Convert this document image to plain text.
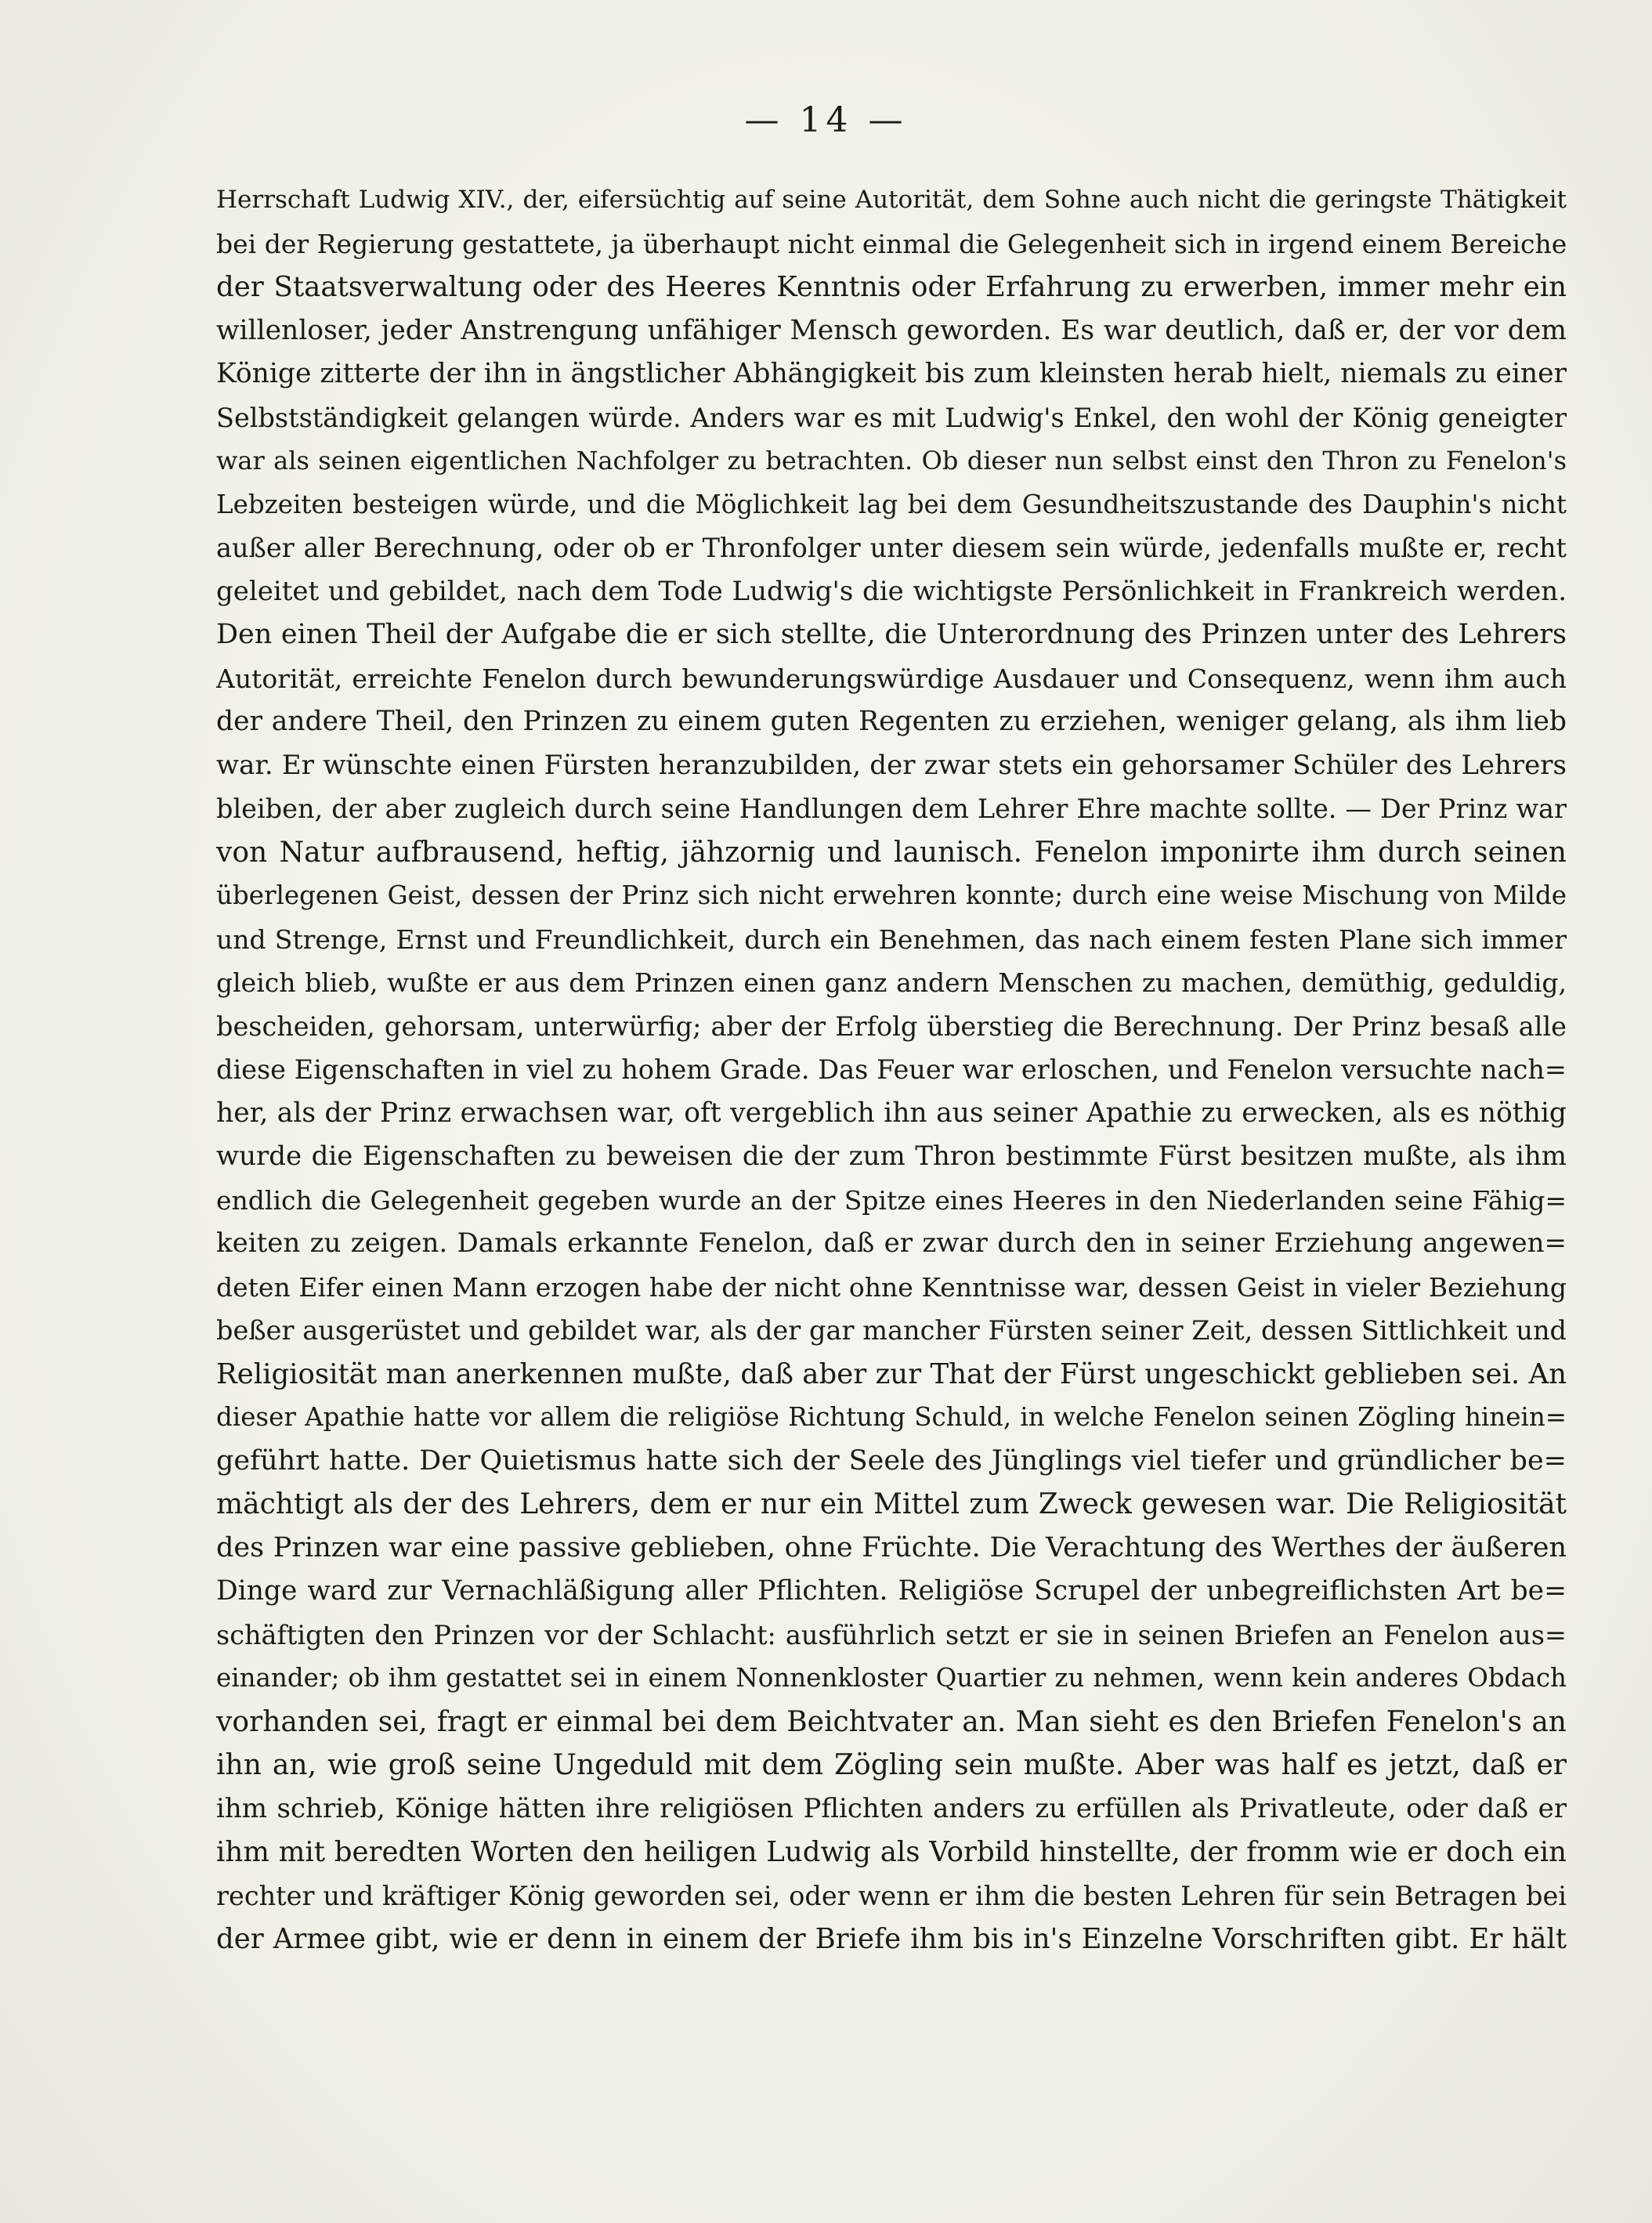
— 14 —
Herrschaft Ludwig XIV., der, eifersüchtig auf seine Autorität, dem Sohne auch nicht die geringste Thätigkeit
bei der Regierung gestattete, ja überhaupt nicht einmal die Gelegenheit sich in irgend einem Bereiche
der Staatsverwaltung oder des Heeres Kenntnis oder Erfahrung zu erwerben, immer mehr ein
willenloser, jeder Anstrengung unfähiger Mensch geworden. Es war deutlich, daß er, der vor dem
Könige zitterte der ihn in ängstlicher Abhängigkeit bis zum kleinsten herab hielt, niemals zu einer
Selbstständigkeit gelangen würde. Anders war es mit Ludwig's Enkel, den wohl der König geneigter
war als seinen eigentlichen Nachfolger zu betrachten. Ob dieser nun selbst einst den Thron zu Fenelon's
Lebzeiten besteigen würde, und die Möglichkeit lag bei dem Gesundheitszustande des Dauphin's nicht
außer aller Berechnung, oder ob er Thronfolger unter diesem sein würde, jedenfalls mußte er, recht
geleitet und gebildet, nach dem Tode Ludwig's die wichtigste Persönlichkeit in Frankreich werden.
Den einen Theil der Aufgabe die er sich stellte, die Unterordnung des Prinzen unter des Lehrers
Autorität, erreichte Fenelon durch bewunderungswürdige Ausdauer und Consequenz, wenn ihm auch
der andere Theil, den Prinzen zu einem guten Regenten zu erziehen, weniger gelang, als ihm lieb
war. Er wünschte einen Fürsten heranzubilden, der zwar stets ein gehorsamer Schüler des Lehrers
bleiben, der aber zugleich durch seine Handlungen dem Lehrer Ehre machte sollte. — Der Prinz war
von Natur aufbrausend, heftig, jähzornig und launisch. Fenelon imponirte ihm durch seinen
überlegenen Geist, dessen der Prinz sich nicht erwehren konnte; durch eine weise Mischung von Milde
und Strenge, Ernst und Freundlichkeit, durch ein Benehmen, das nach einem festen Plane sich immer
gleich blieb, wußte er aus dem Prinzen einen ganz andern Menschen zu machen, demüthig, geduldig,
bescheiden, gehorsam, unterwürfig; aber der Erfolg überstieg die Berechnung. Der Prinz besaß alle
diese Eigenschaften in viel zu hohem Grade. Das Feuer war erloschen, und Fenelon versuchte nach=
her, als der Prinz erwachsen war, oft vergeblich ihn aus seiner Apathie zu erwecken, als es nöthig
wurde die Eigenschaften zu beweisen die der zum Thron bestimmte Fürst besitzen mußte, als ihm
endlich die Gelegenheit gegeben wurde an der Spitze eines Heeres in den Niederlanden seine Fähig=
keiten zu zeigen. Damals erkannte Fenelon, daß er zwar durch den in seiner Erziehung angewen=
deten Eifer einen Mann erzogen habe der nicht ohne Kenntnisse war, dessen Geist in vieler Beziehung
beßer ausgerüstet und gebildet war, als der gar mancher Fürsten seiner Zeit, dessen Sittlichkeit und
Religiosität man anerkennen mußte, daß aber zur That der Fürst ungeschickt geblieben sei. An
dieser Apathie hatte vor allem die religiöse Richtung Schuld, in welche Fenelon seinen Zögling hinein=
geführt hatte. Der Quietismus hatte sich der Seele des Jünglings viel tiefer und gründlicher be=
mächtigt als der des Lehrers, dem er nur ein Mittel zum Zweck gewesen war. Die Religiosität
des Prinzen war eine passive geblieben, ohne Früchte. Die Verachtung des Werthes der äußeren
Dinge ward zur Vernachläßigung aller Pflichten. Religiöse Scrupel der unbegreiflichsten Art be=
schäftigten den Prinzen vor der Schlacht: ausführlich setzt er sie in seinen Briefen an Fenelon aus=
einander; ob ihm gestattet sei in einem Nonnenkloster Quartier zu nehmen, wenn kein anderes Obdach
vorhanden sei, fragt er einmal bei dem Beichtvater an. Man sieht es den Briefen Fenelon's an
ihn an, wie groß seine Ungeduld mit dem Zögling sein mußte. Aber was half es jetzt, daß er
ihm schrieb, Könige hätten ihre religiösen Pflichten anders zu erfüllen als Privatleute, oder daß er
ihm mit beredten Worten den heiligen Ludwig als Vorbild hinstellte, der fromm wie er doch ein
rechter und kräftiger König geworden sei, oder wenn er ihm die besten Lehren für sein Betragen bei
der Armee gibt, wie er denn in einem der Briefe ihm bis in's Einzelne Vorschriften gibt. Er hält
